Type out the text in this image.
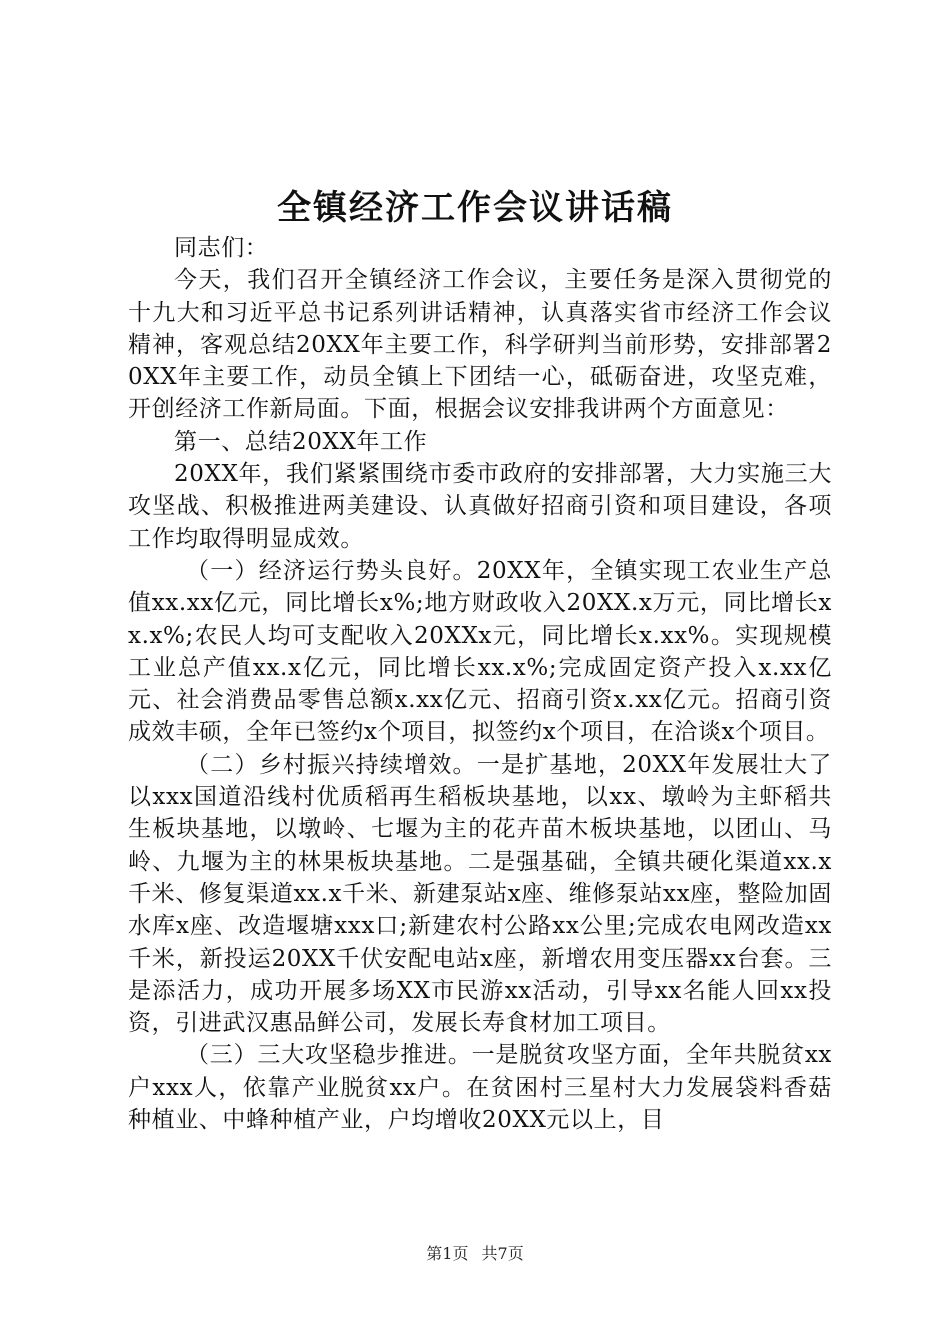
全镇经济工作会议讲话稿

同志们：

今天，我们召开全镇经济工作会议，主要任务是深入贯彻党的十九大和习近平总书记系列讲话精神，认真落实省市经济工作会议精神，客观总结20XX年主要工作，科学研判当前形势，安排部署20XX年主要工作，动员全镇上下团结一心，砥砺奋进，攻坚克难，开创经济工作新局面。下面，根据会议安排我讲两个方面意见：

第一、总结20XX年工作

20XX年，我们紧紧围绕市委市政府的安排部署，大力实施三大攻坚战、积极推进两美建设、认真做好招商引资和项目建设，各项工作均取得明显成效。

（一）经济运行势头良好。20XX年，全镇实现工农业生产总值xx.xx亿元，同比增长x%;地方财政收入20XX.x万元，同比增长xx.x%;农民人均可支配收入20XXx元，同比增长x.xx%。实现规模工业总产值xx.x亿元，同比增长xx.x%;完成固定资产投入x.xx亿元、社会消费品零售总额x.xx亿元、招商引资x.xx亿元。招商引资成效丰硕，全年已签约x个项目，拟签约x个项目，在洽谈x个项目。

（二）乡村振兴持续增效。一是扩基地，20XX年发展壮大了以xxx国道沿线村优质稻再生稻板块基地，以xx、墩岭为主虾稻共生板块基地，以墩岭、七堰为主的花卉苗木板块基地，以团山、马岭、九堰为主的林果板块基地。二是强基础，全镇共硬化渠道xx.x千米、修复渠道xx.x千米、新建泵站x座、维修泵站xx座，整险加固水库x座、改造堰塘xxx口;新建农村公路xx公里;完成农电网改造xx千米，新投运20XX千伏安配电站x座，新增农用变压器xx台套。三是添活力，成功开展多场XX市民游xx活动，引导xx名能人回xx投资，引进武汉惠品鲜公司，发展长寿食材加工项目。

（三）三大攻坚稳步推进。一是脱贫攻坚方面，全年共脱贫xx户xxx人，依靠产业脱贫xx户。在贫困村三星村大力发展袋料香菇种植业、中蜂种植产业，户均增收20XX元以上，目

第1页 共7页
